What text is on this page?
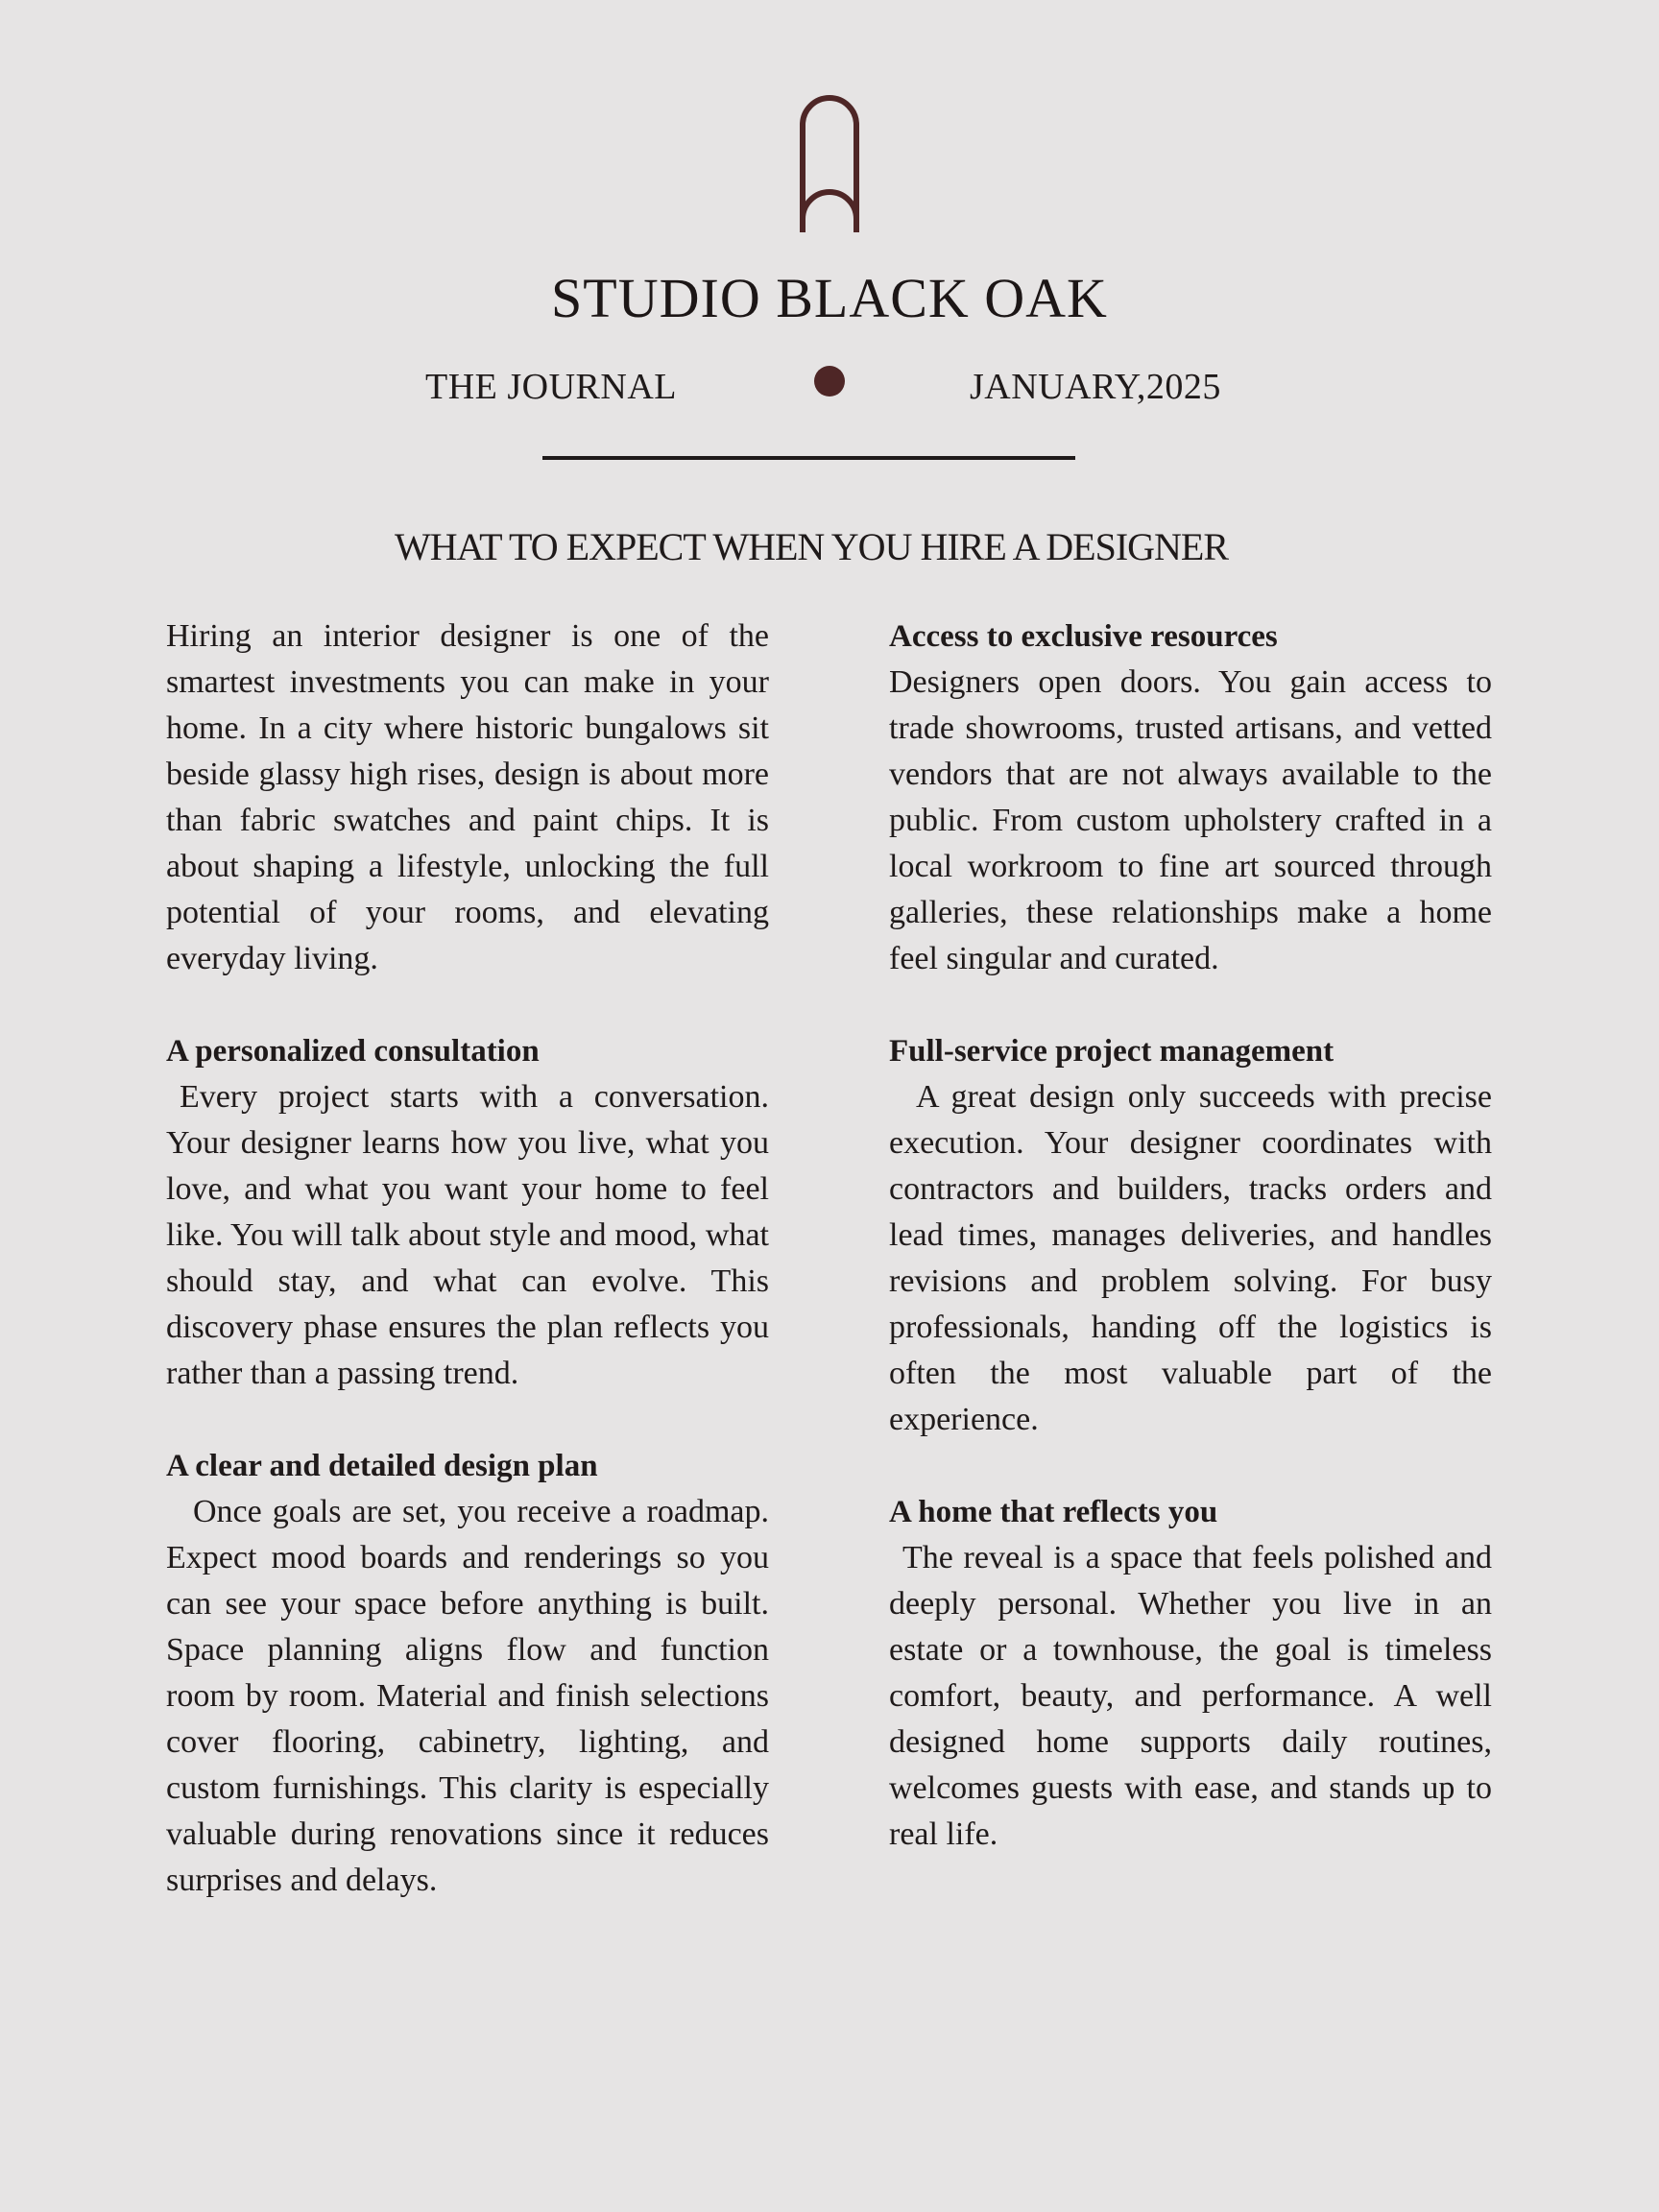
STUDIO BLACK OAK
THE JOURNAL	JANUARY,2025
WHAT TO EXPECT WHEN YOU HIRE A DESIGNER

Hiring an interior designer is one of the smartest investments you can make in your home. In a city where historic bungalows sit beside glassy high rises, design is about more than fabric swatches and paint chips. It is about shaping a lifestyle, unlocking the full potential of your rooms, and elevating everyday living.

A personalized consultation

Every project starts with a conversation. Your designer learns how you live, what you love, and what you want your home to feel like. You will talk about style and mood, what should stay, and what can evolve. This discovery phase ensures the plan reflects you rather than a passing trend.

A clear and detailed design plan

Once goals are set, you receive a roadmap. Expect mood boards and renderings so you can see your space before anything is built. Space planning aligns flow and function room by room. Material and finish selections cover flooring, cabinetry, lighting, and custom furnishings. This clarity is especially valuable during renovations since it reduces surprises and delays.

Access to exclusive resources

Designers open doors. You gain access to trade showrooms, trusted artisans, and vetted vendors that are not always available to the public. From custom upholstery crafted in a local workroom to fine art sourced through galleries, these relationships make a home feel singular and curated.

Full-service project management

A great design only succeeds with precise execution. Your designer coordinates with contractors and builders, tracks orders and lead times, manages deliveries, and handles revisions and problem solving. For busy professionals, handing off the logistics is often the most valuable part of the experience.

A home that reflects you

The reveal is a space that feels polished and deeply personal. Whether you live in an estate or a townhouse, the goal is timeless comfort, beauty, and performance. A well designed home supports daily routines, welcomes guests with ease, and stands up to real life.
